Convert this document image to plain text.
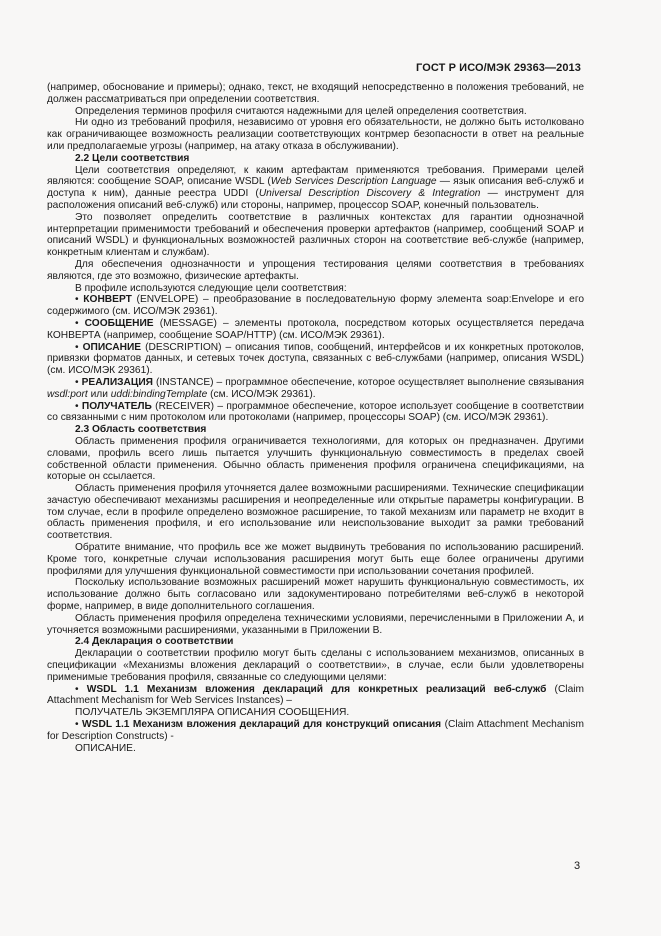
ГОСТ Р ИСО/МЭК 29363—2013

(например, обоснование и примеры); однако, текст, не входящий непосредственно в положения требований, не должен рассматриваться при определении соответствия.

Определения терминов профиля считаются надежными для целей определения соответствия.

Ни одно из требований профиля, независимо от уровня его обязательности, не должно быть истолковано как ограничивающее возможность реализации соответствующих контрмер безопасности в ответ на реальные или предполагаемые угрозы (например, на атаку отказа в обслуживании).

2.2 Цели соответствия

Цели соответствия определяют, к каким артефактам применяются требования. Примерами целей являются: сообщение SOAP, описание WSDL (Web Services Description Language — язык описания веб-служб и доступа к ним), данные реестра UDDI (Universal Description Discovery & Integration — инструмент для расположения описаний веб-служб) или стороны, например, процессор SOAP, конечный пользователь.

Это позволяет определить соответствие в различных контекстах для гарантии однозначной интерпретации применимости требований и обеспечения проверки артефактов (например, сообщений SOAP и описаний WSDL) и функциональных возможностей различных сторон на соответствие веб-службе (например, конкретным клиентам и службам).

Для обеспечения однозначности и упрощения тестирования целями соответствия в требованиях являются, где это возможно, физические артефакты.

В профиле используются следующие цели соответствия:

• КОНВЕРТ (ENVELOPE) – преобразование в последовательную форму элемента soap:Envelope и его содержимого (см. ИСО/МЭК 29361).

• СООБЩЕНИЕ (MESSAGE) – элементы протокола, посредством которых осуществляется передача КОНВЕРТА (например, сообщение SOAP/HTTP) (см. ИСО/МЭК 29361).

• ОПИСАНИЕ (DESCRIPTION) – описания типов, сообщений, интерфейсов и их конкретных протоколов, привязки форматов данных, и сетевых точек доступа, связанных с веб-службами (например, описания WSDL) (см. ИСО/МЭК 29361).

• РЕАЛИЗАЦИЯ (INSTANCE) – программное обеспечение, которое осуществляет выполнение связывания wsdl:port или uddi:bindingTemplate (см. ИСО/МЭК 29361).

• ПОЛУЧАТЕЛЬ (RECEIVER) – программное обеспечение, которое использует сообщение в соответствии со связанными с ним протоколом или протоколами (например, процессоры SOAP) (см. ИСО/МЭК 29361).

2.3 Область соответствия

Область применения профиля ограничивается технологиями, для которых он предназначен. Другими словами, профиль всего лишь пытается улучшить функциональную совместимость в пределах своей собственной области применения. Обычно область применения профиля ограничена спецификациями, на которые он ссылается.

Область применения профиля уточняется далее возможными расширениями. Технические спецификации зачастую обеспечивают механизмы расширения и неопределенные или открытые параметры конфигурации. В том случае, если в профиле определено возможное расширение, то такой механизм или параметр не входит в область применения профиля, и его использование или неиспользование выходит за рамки требований соответствия.

Обратите внимание, что профиль все же может выдвинуть требования по использованию расширений. Кроме того, конкретные случаи использования расширения могут быть еще более ограничены другими профилями для улучшения функциональной совместимости при использовании сочетания профилей.

Поскольку использование возможных расширений может нарушить функциональную совместимость, их использование должно быть согласовано или задокументировано потребителями веб-служб в некоторой форме, например, в виде дополнительного соглашения.

Область применения профиля определена техническими условиями, перечисленными в Приложении А, и уточняется возможными расширениями, указанными в Приложении В.

2.4 Декларация о соответствии

Декларации о соответствии профилю могут быть сделаны с использованием механизмов, описанных в спецификации «Механизмы вложения деклараций о соответствии», в случае, если были удовлетворены применимые требования профиля, связанные со следующими целями:

• WSDL 1.1 Механизм вложения деклараций для конкретных реализаций веб-служб (Claim Attachment Mechanism for Web Services Instances) –

ПОЛУЧАТЕЛЬ ЭКЗЕМПЛЯРА ОПИСАНИЯ СООБЩЕНИЯ.

• WSDL 1.1 Механизм вложения деклараций для конструкций описания (Claim Attachment Mechanism for Description Constructs) -

ОПИСАНИЕ.

3
